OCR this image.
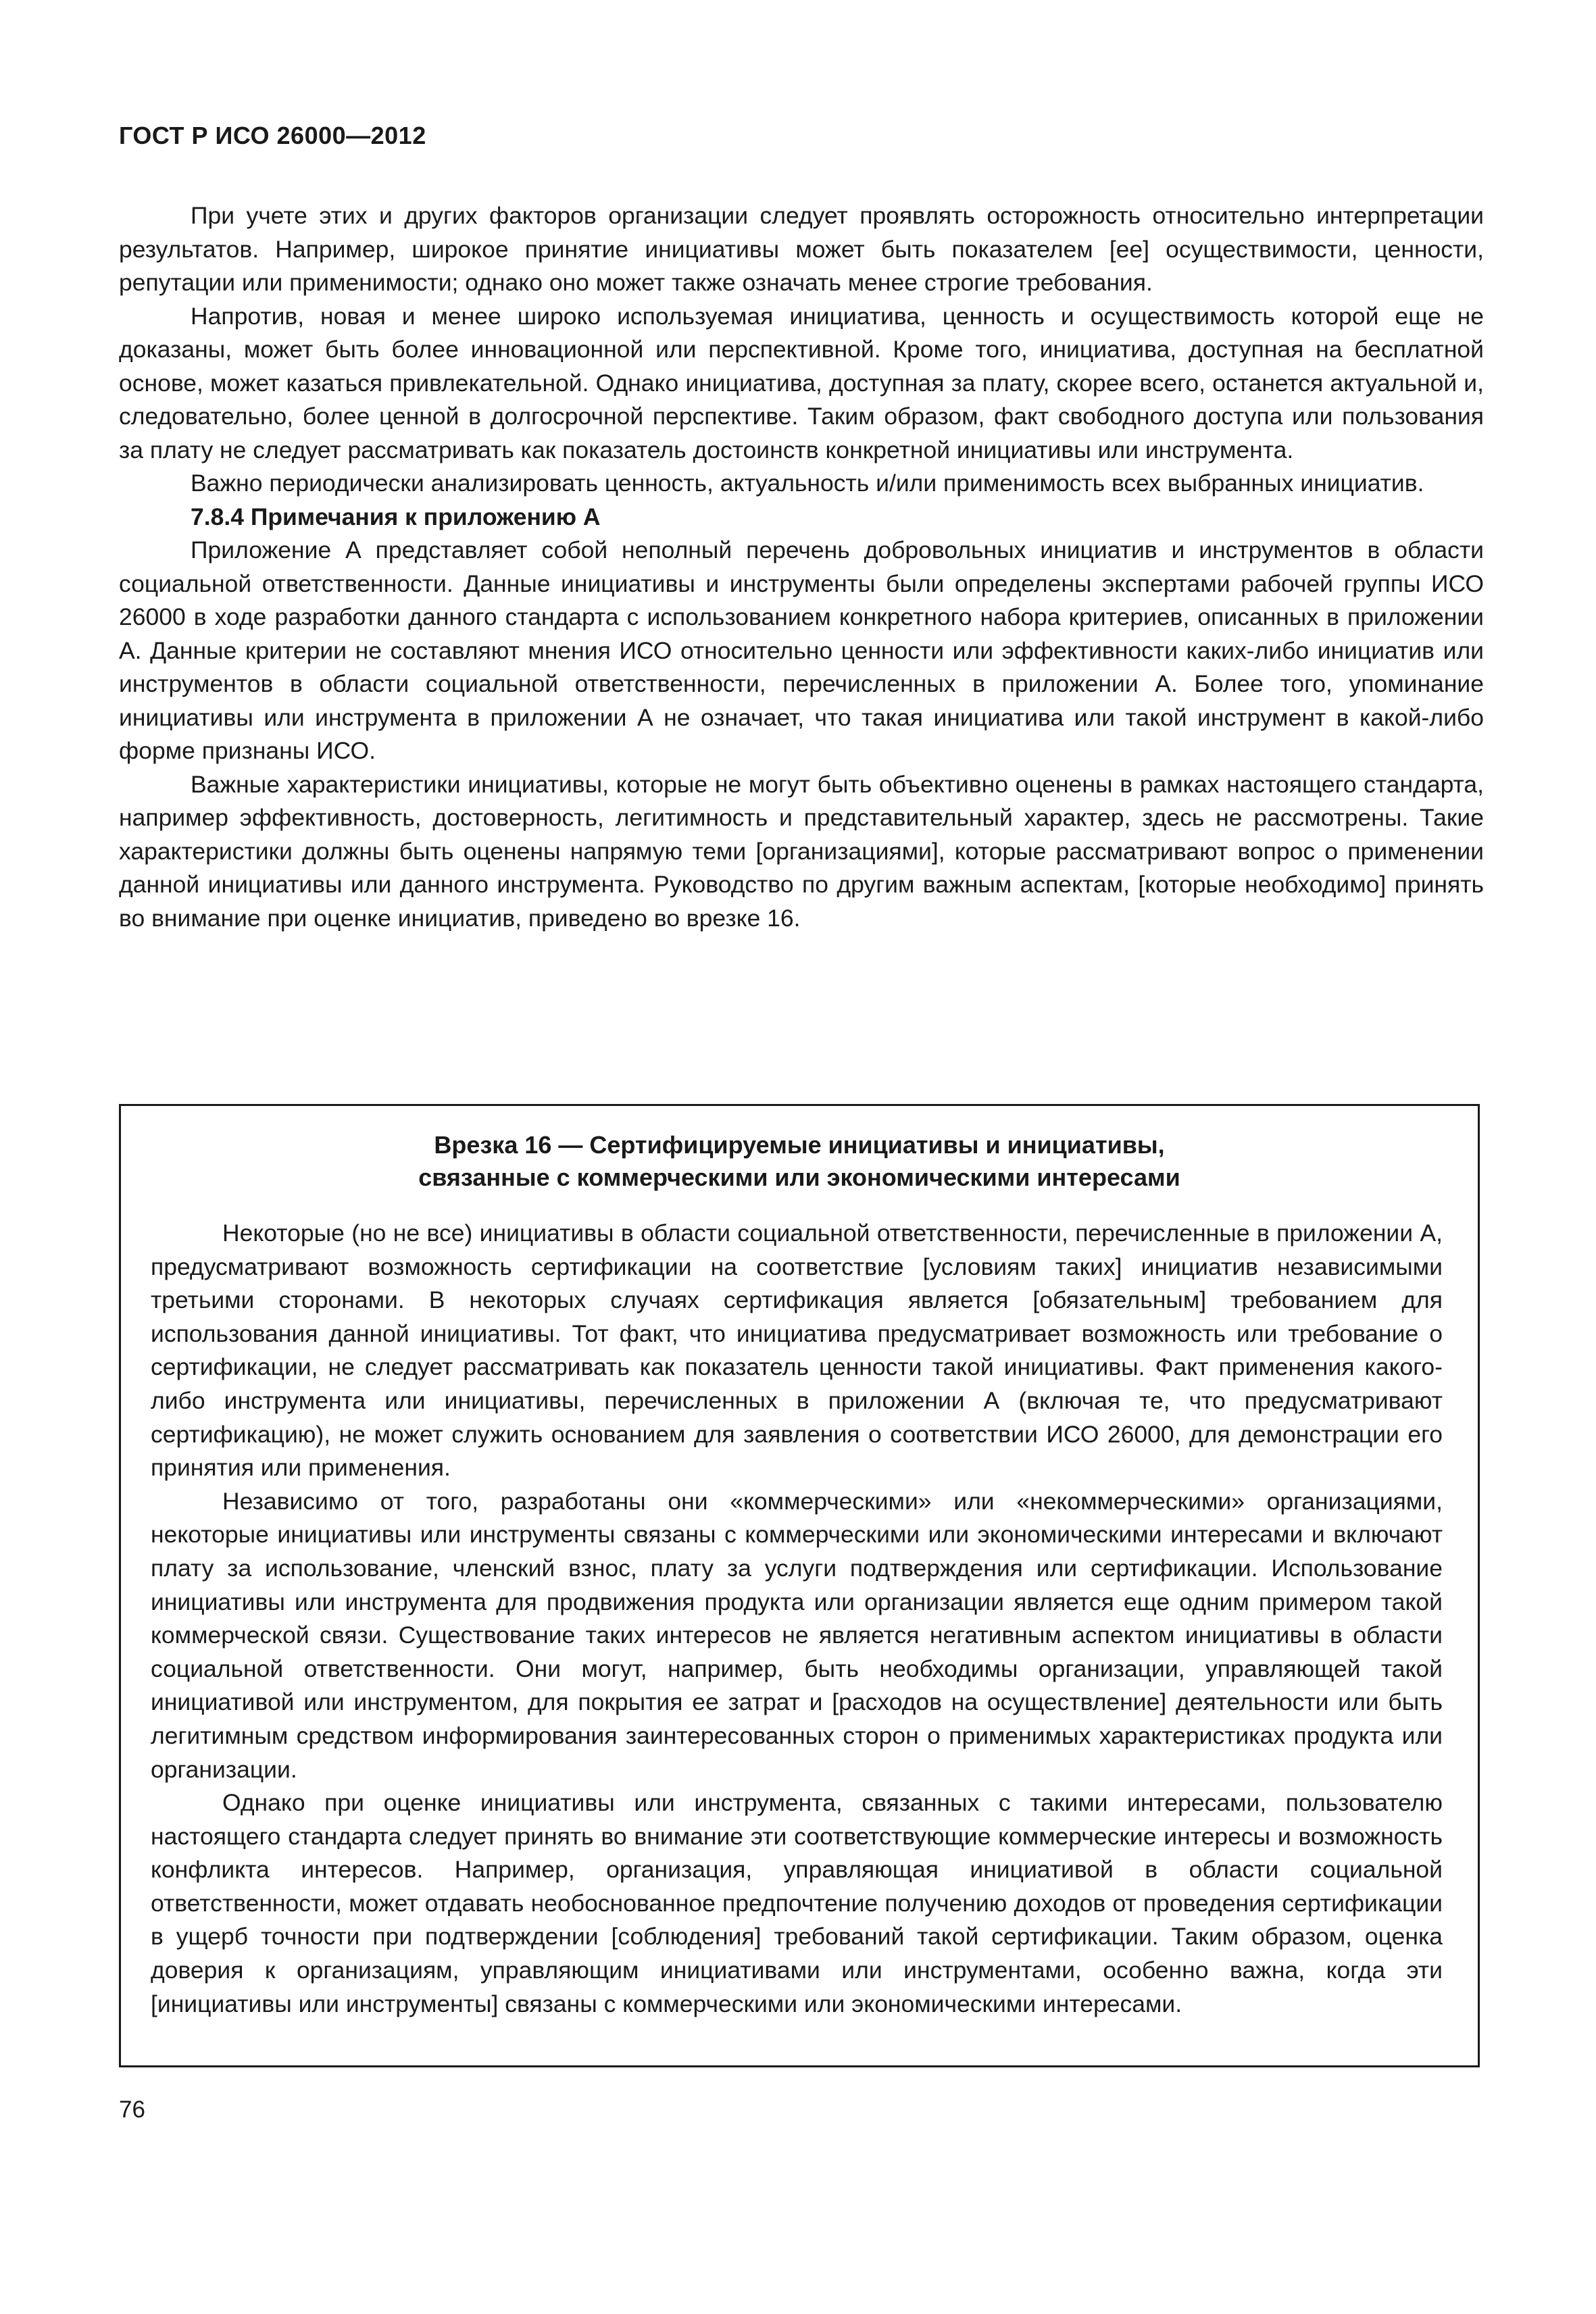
ГОСТ Р ИСО 26000—2012

При учете этих и других факторов организации следует проявлять осторожность относительно интерпретации результатов. Например, широкое принятие инициативы может быть показателем [ее] осуществимости, ценности, репутации или применимости; однако оно может также означать менее строгие требования.

Напротив, новая и менее широко используемая инициатива, ценность и осуществимость которой еще не доказаны, может быть более инновационной или перспективной. Кроме того, инициатива, доступная на бесплатной основе, может казаться привлекательной. Однако инициатива, доступная за плату, скорее всего, останется актуальной и, следовательно, более ценной в долгосрочной перспективе. Таким образом, факт свободного доступа или пользования за плату не следует рассматривать как показатель достоинств конкретной инициативы или инструмента.

Важно периодически анализировать ценность, актуальность и/или применимость всех выбранных инициатив.

7.8.4 Примечания к приложению А

Приложение А представляет собой неполный перечень добровольных инициатив и инструментов в области социальной ответственности. Данные инициативы и инструменты были определены экспертами рабочей группы ИСО 26000 в ходе разработки данного стандарта с использованием конкретного набора критериев, описанных в приложении А. Данные критерии не составляют мнения ИСО относительно ценности или эффективности каких-либо инициатив или инструментов в области социальной ответственности, перечисленных в приложении А. Более того, упоминание инициативы или инструмента в приложении А не означает, что такая инициатива или такой инструмент в какой-либо форме признаны ИСО.

Важные характеристики инициативы, которые не могут быть объективно оценены в рамках настоящего стандарта, например эффективность, достоверность, легитимность и представительный характер, здесь не рассмотрены. Такие характеристики должны быть оценены напрямую теми [организациями], которые рассматривают вопрос о применении данной инициативы или данного инструмента. Руководство по другим важным аспектам, [которые необходимо] принять во внимание при оценке инициатив, приведено во врезке 16.

Врезка 16 — Сертифицируемые инициативы и инициативы,
связанные с коммерческими или экономическими интересами

Некоторые (но не все) инициативы в области социальной ответственности, перечисленные в приложении А, предусматривают возможность сертификации на соответствие [условиям таких] инициатив независимыми третьими сторонами. В некоторых случаях сертификация является [обязательным] требованием для использования данной инициативы. Тот факт, что инициатива предусматривает возможность или требование о сертификации, не следует рассматривать как показатель ценности такой инициативы. Факт применения какого-либо инструмента или инициативы, перечисленных в приложении А (включая те, что предусматривают сертификацию), не может служить основанием для заявления о соответствии ИСО 26000, для демонстрации его принятия или применения.

Независимо от того, разработаны они «коммерческими» или «некоммерческими» организациями, некоторые инициативы или инструменты связаны с коммерческими или экономическими интересами и включают плату за использование, членский взнос, плату за услуги подтверждения или сертификации. Использование инициативы или инструмента для продвижения продукта или организации является еще одним примером такой коммерческой связи. Существование таких интересов не является негативным аспектом инициативы в области социальной ответственности. Они могут, например, быть необходимы организации, управляющей такой инициативой или инструментом, для покрытия ее затрат и [расходов на осуществление] деятельности или быть легитимным средством информирования заинтересованных сторон о применимых характеристиках продукта или организации.

Однако при оценке инициативы или инструмента, связанных с такими интересами, пользователю настоящего стандарта следует принять во внимание эти соответствующие коммерческие интересы и возможность конфликта интересов. Например, организация, управляющая инициативой в области социальной ответственности, может отдавать необоснованное предпочтение получению доходов от проведения сертификации в ущерб точности при подтверждении [соблюдения] требований такой сертификации. Таким образом, оценка доверия к организациям, управляющим инициативами или инструментами, особенно важна, когда эти [инициативы или инструменты] связаны с коммерческими или экономическими интересами.

76
